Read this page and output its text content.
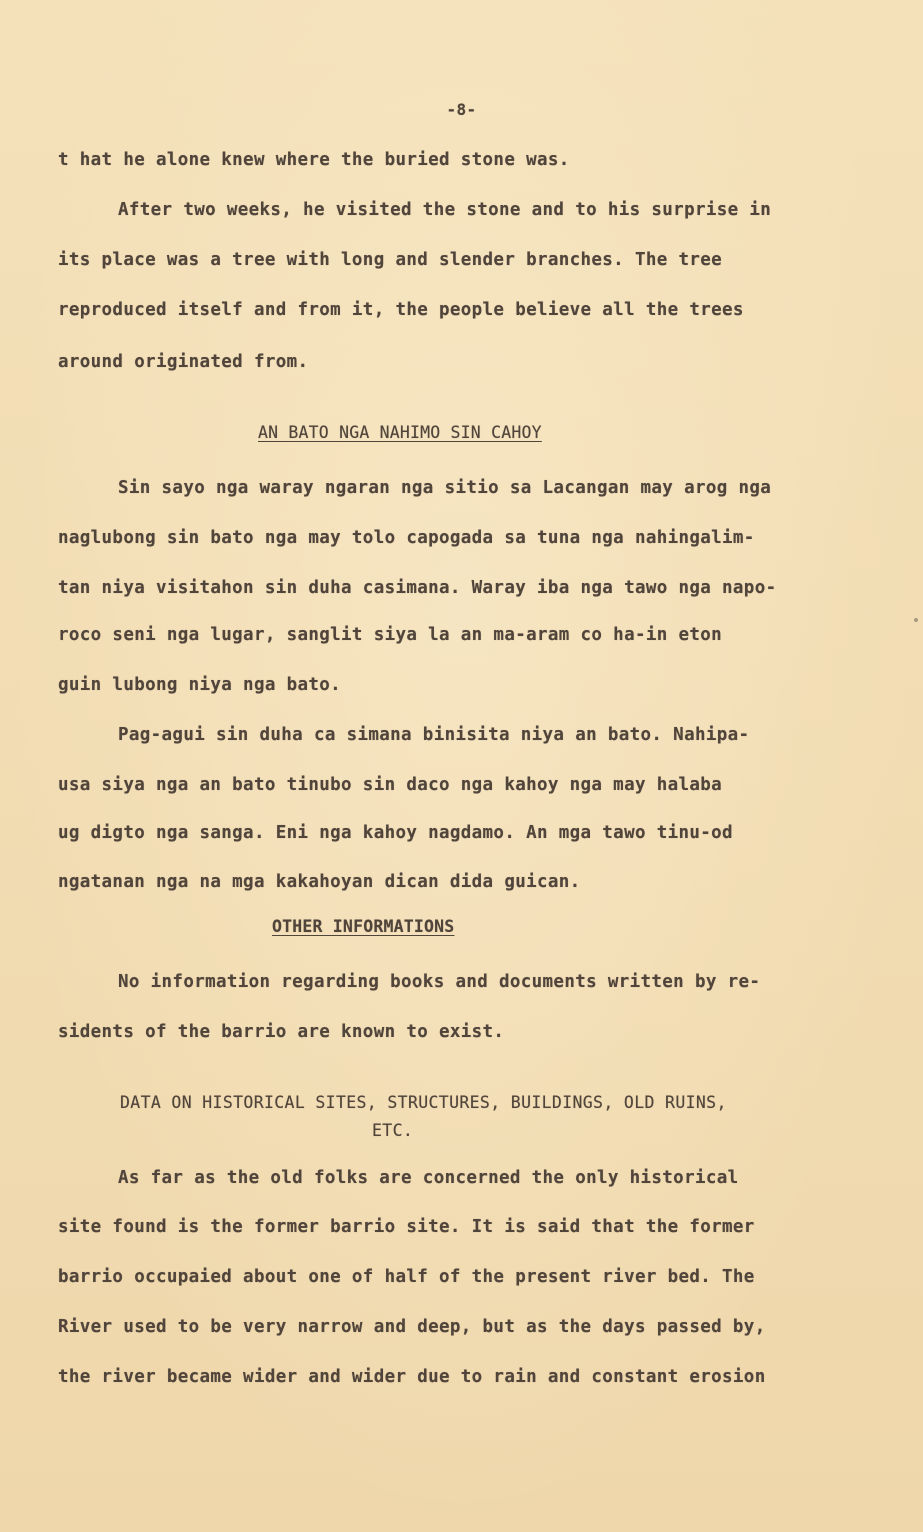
-8-
t hat he alone knew where the buried stone was.
After two weeks, he visited the stone and to his surprise in
its place was a tree with long and slender branches. The tree
reproduced itself and from it, the people believe all the trees
around originated from.
AN BATO NGA NAHIMO SIN CAHOY
Sin sayo nga waray ngaran nga sitio sa Lacangan may arog nga
naglubong sin bato nga may tolo capogada sa tuna nga nahingalim-
tan niya visitahon sin duha casimana. Waray iba nga tawo nga napo-
roco seni nga lugar, sanglit siya la an ma-aram co ha-in eton
guin lubong niya nga bato.
Pag-agui sin duha ca simana binisita niya an bato. Nahipa-
usa siya nga an bato tinubo sin daco nga kahoy nga may halaba
ug digto nga sanga. Eni nga kahoy nagdamo. An mga tawo tinu-od
ngatanan nga na mga kakahoyan dican dida guican.
OTHER INFORMATIONS
No information regarding books and documents written by re-
sidents of the barrio are known to exist.
DATA ON HISTORICAL SITES, STRUCTURES, BUILDINGS, OLD RUINS,
ETC.
As far as the old folks are concerned the only historical
site found is the former barrio site. It is said that the former
barrio occupaied about one of half of the present river bed. The
River used to be very narrow and deep, but as the days passed by,
the river became wider and wider due to rain and constant erosion
